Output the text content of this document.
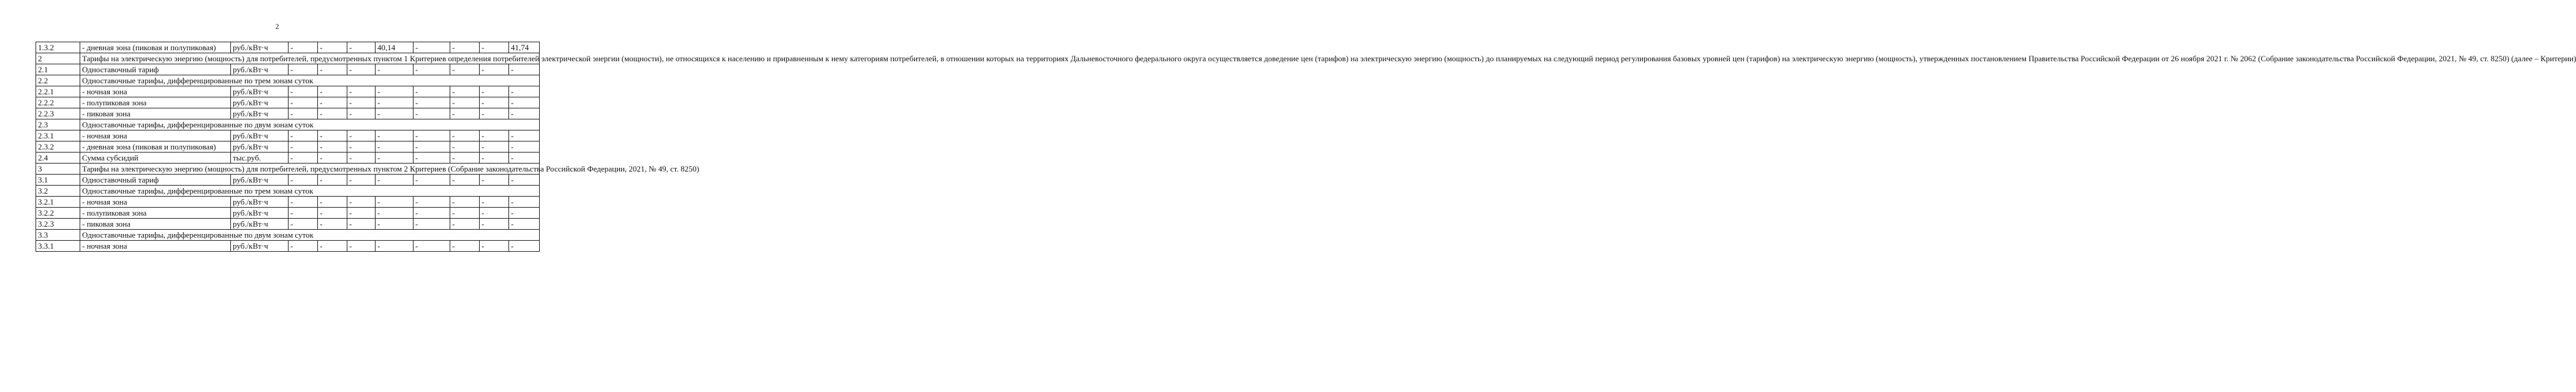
2
1.3.2	- дневная зона (пиковая и полупиковая)	руб./кВт·ч	-	-	-	40,14	-	-	-	41,74
2	Тарифы на электрическую энергию (мощность) для потребителей, предусмотренных пунктом 1 Критериев определения потребителей электрической энергии (мощности), не относящихся к населению и приравненным к нему категориям потребителей, в отношении которых на территориях Дальневосточного федерального округа осуществляется доведение цен (тарифов) на электрическую энергию (мощность) до планируемых на следующий период регулирования базовых уровней цен (тарифов) на электрическую энергию (мощность), утвержденных постановлением Правительства Российской Федерации от 26 ноября 2021 г. № 2062 (Собрание законодательства Российской Федерации, 2021, № 49, ст. 8250) (далее – Критерии)									
2.1	Одноставочный тариф	руб./кВт·ч	-	-	-	-	-	-	-	-
2.2	Одноставочные тарифы, дифференцированные по трем зонам суток									
2.2.1	- ночная зона	руб./кВт·ч	-	-	-	-	-	-	-	-
2.2.2	- полупиковая зона	руб./кВт·ч	-	-	-	-	-	-	-	-
2.2.3	- пиковая зона	руб./кВт·ч	-	-	-	-	-	-	-	-
2.3	Одноставочные тарифы, дифференцированные по двум зонам суток									
2.3.1	- ночная зона	руб./кВт·ч	-	-	-	-	-	-	-	-
2.3.2	- дневная зона (пиковая и полупиковая)	руб./кВт·ч	-	-	-	-	-	-	-	-
2.4	Сумма субсидий	тыс.руб.	-	-	-	-	-	-	-	-
3	Тарифы на электрическую энергию (мощность) для потребителей, предусмотренных пунктом 2 Критериев (Собрание законодательства Российской Федерации, 2021, № 49, ст. 8250)									
3.1	Одноставочный тариф	руб./кВт·ч	-	-	-	-	-	-	-	-
3.2	Одноставочные тарифы, дифференцированные по трем зонам суток									
3.2.1	- ночная зона	руб./кВт·ч	-	-	-	-	-	-	-	-
3.2.2	- полупиковая зона	руб./кВт·ч	-	-	-	-	-	-	-	-
3.2.3	- пиковая зона	руб./кВт·ч	-	-	-	-	-	-	-	-
3.3	Одноставочные тарифы, дифференцированные по двум зонам суток									
3.3.1	- ночная зона	руб./кВт·ч	-	-	-	-	-	-	-	-
